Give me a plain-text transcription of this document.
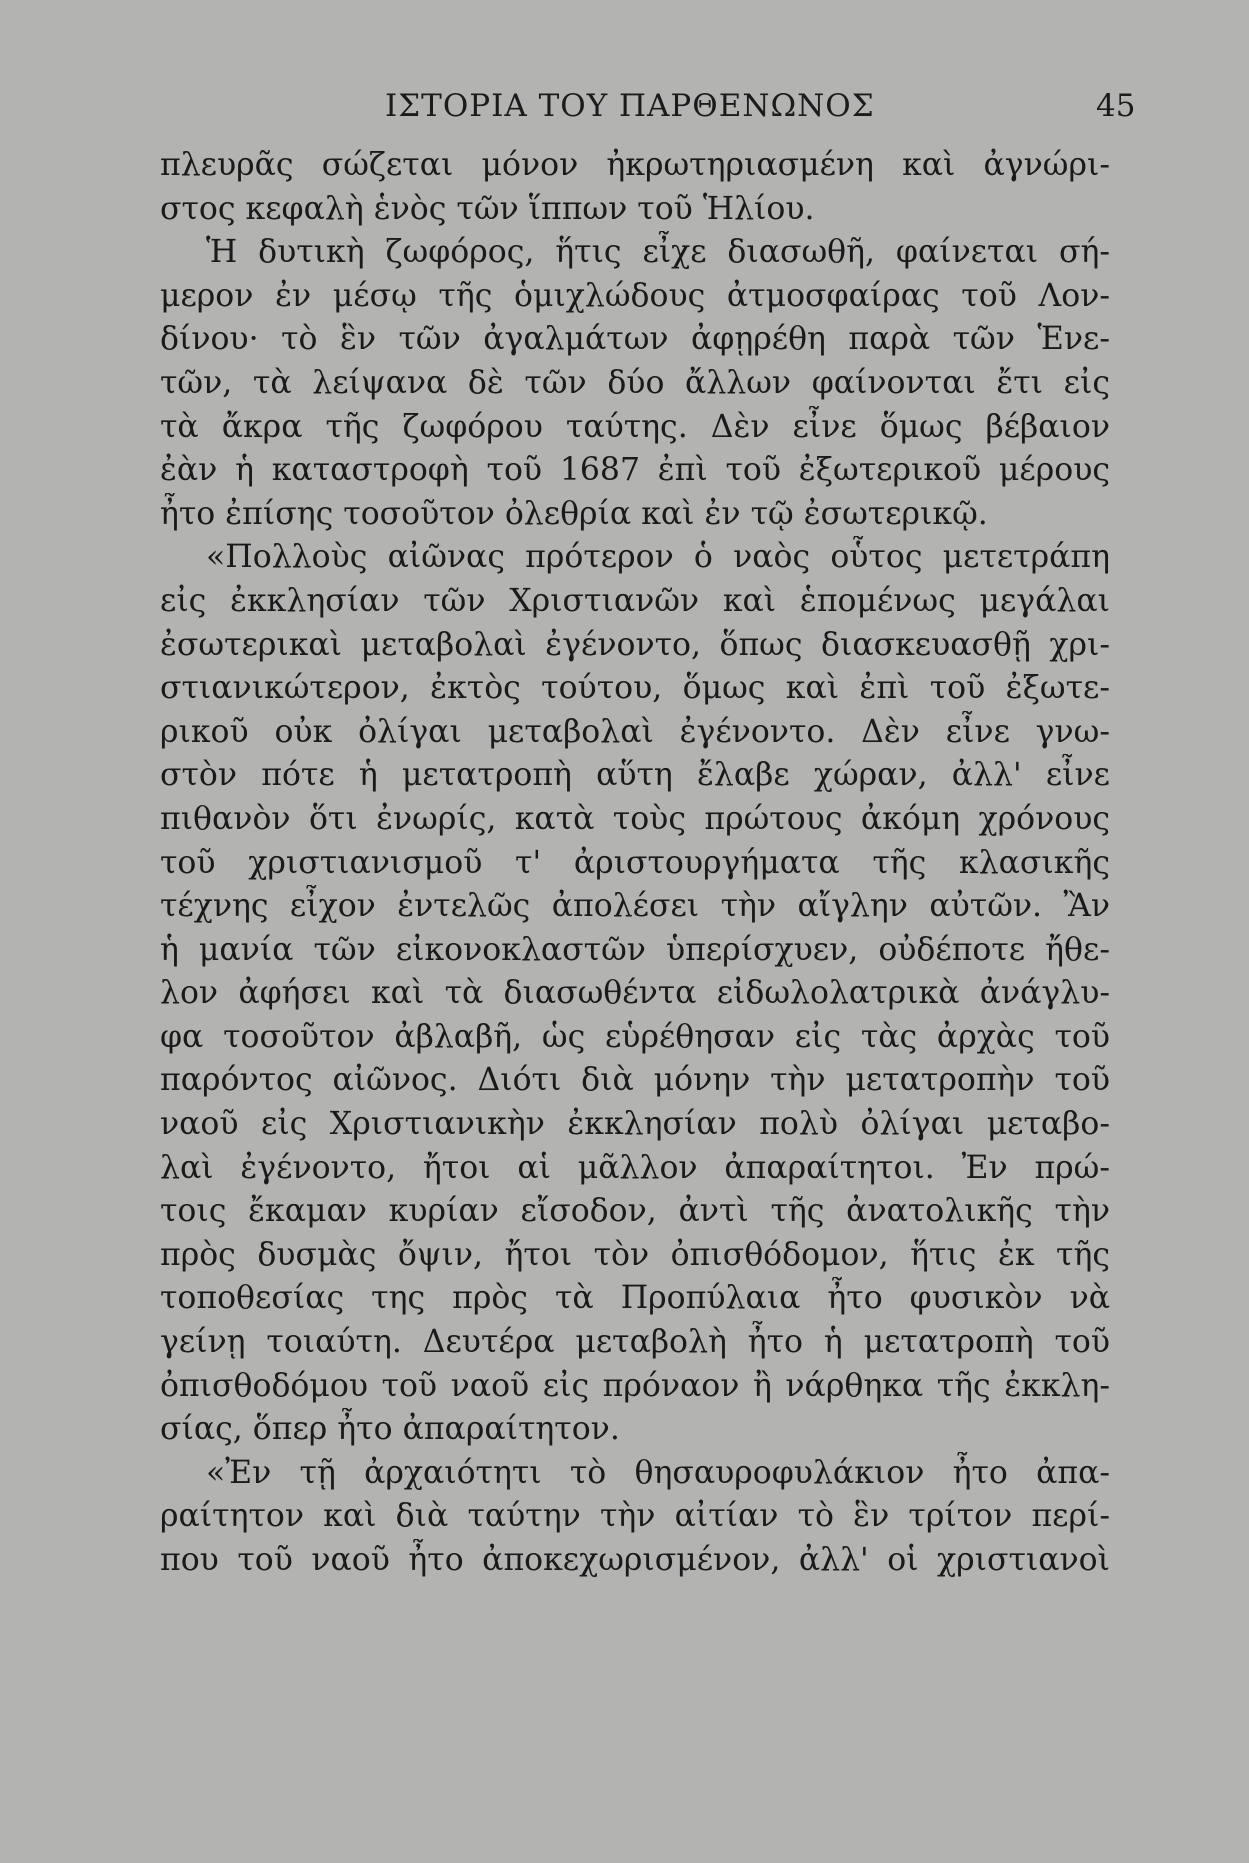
ΙΣΤΟΡΙΑ ΤΟΥ ΠΑΡΘΕΝΩΝΟΣ	45
πλευρᾶς σώζεται μόνον ἠκρωτηριασμένη καὶ ἀγνώρι-
στος κεφαλὴ ἑνὸς τῶν ἵππων τοῦ Ἡλίου.
Ἡ δυτικὴ ζωφόρος, ἥτις εἶχε διασωθῆ, φαίνεται σή-
μερον ἐν μέσῳ τῆς ὁμιχλώδους ἀτμοσφαίρας τοῦ Λον-
δίνου· τὸ ἓν τῶν ἀγαλμάτων ἀφῃρέθη παρὰ τῶν Ἑνε-
τῶν, τὰ λείψανα δὲ τῶν δύο ἄλλων φαίνονται ἔτι εἰς
τὰ ἄκρα τῆς ζωφόρου ταύτης. Δὲν εἶνε ὅμως βέβαιον
ἐὰν ἡ καταστροφὴ τοῦ 1687 ἐπὶ τοῦ ἐξωτερικοῦ μέρους
ἦτο ἐπίσης τοσοῦτον ὀλεθρία καὶ ἐν τῷ ἐσωτερικῷ.
«Πολλοὺς αἰῶνας πρότερον ὁ ναὸς οὗτος μετετράπη
εἰς ἐκκλησίαν τῶν Χριστιανῶν καὶ ἑπομένως μεγάλαι
ἐσωτερικαὶ μεταβολαὶ ἐγένοντο, ὅπως διασκευασθῇ χρι-
στιανικώτερον, ἐκτὸς τούτου, ὅμως καὶ ἐπὶ τοῦ ἐξωτε-
ρικοῦ οὐκ ὀλίγαι μεταβολαὶ ἐγένοντο. Δὲν εἶνε γνω-
στὸν πότε ἡ μετατροπὴ αὕτη ἔλαβε χώραν, ἀλλ' εἶνε
πιθανὸν ὅτι ἐνωρίς, κατὰ τοὺς πρώτους ἀκόμη χρόνους
τοῦ χριστιανισμοῦ τ' ἀριστουργήματα τῆς κλασικῆς
τέχνης εἶχον ἐντελῶς ἀπολέσει τὴν αἴγλην αὐτῶν. Ἂν
ἡ μανία τῶν εἰκονοκλαστῶν ὑπερίσχυεν, οὐδέποτε ἤθε-
λον ἀφήσει καὶ τὰ διασωθέντα εἰδωλολατρικὰ ἀνάγλυ-
φα τοσοῦτον ἀβλαβῆ, ὡς εὑρέθησαν εἰς τὰς ἀρχὰς τοῦ
παρόντος αἰῶνος. Διότι διὰ μόνην τὴν μετατροπὴν τοῦ
ναοῦ εἰς Χριστιανικὴν ἐκκλησίαν πολὺ ὀλίγαι μεταβο-
λαὶ ἐγένοντο, ἤτοι αἱ μᾶλλον ἀπαραίτητοι. Ἐν πρώ-
τοις ἔκαμαν κυρίαν εἴσοδον, ἀντὶ τῆς ἀνατολικῆς τὴν
πρὸς δυσμὰς ὄψιν, ἤτοι τὸν ὀπισθόδομον, ἥτις ἐκ τῆς
τοποθεσίας της πρὸς τὰ Προπύλαια ἦτο φυσικὸν νὰ
γείνῃ τοιαύτη. Δευτέρα μεταβολὴ ἦτο ἡ μετατροπὴ τοῦ
ὀπισθοδόμου τοῦ ναοῦ εἰς πρόναον ἢ νάρθηκα τῆς ἐκκλη-
σίας, ὅπερ ἦτο ἀπαραίτητον.
«Ἐν τῇ ἀρχαιότητι τὸ θησαυροφυλάκιον ἦτο ἀπα-
ραίτητον καὶ διὰ ταύτην τὴν αἰτίαν τὸ ἓν τρίτον περί-
που τοῦ ναοῦ ἦτο ἀποκεχωρισμένον, ἀλλ' οἱ χριστιανοὶ
